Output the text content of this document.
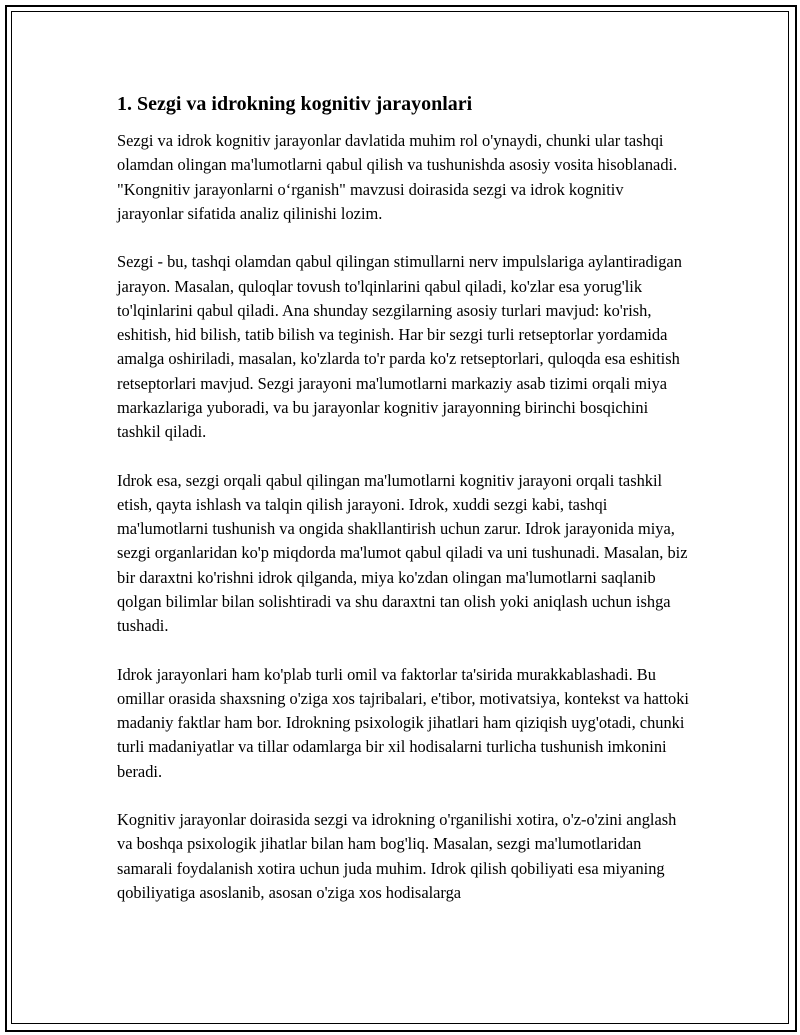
1. Sezgi va idrokning kognitiv jarayonlari

Sezgi va idrok kognitiv jarayonlar davlatida muhim rol o'ynaydi, chunki ular tashqi olamdan olingan ma'lumotlarni qabul qilish va tushunishda asosiy vosita hisoblanadi. "Kongnitiv jarayonlarni o‘rganish" mavzusi doirasida sezgi va idrok kognitiv jarayonlar sifatida analiz qilinishi lozim.

Sezgi - bu, tashqi olamdan qabul qilingan stimullarni nerv impulslariga aylantiradigan jarayon. Masalan, quloqlar tovush to'lqinlarini qabul qiladi, ko'zlar esa yorug'lik to'lqinlarini qabul qiladi. Ana shunday sezgilarning asosiy turlari mavjud: ko'rish, eshitish, hid bilish, tatib bilish va teginish. Har bir sezgi turli retseptorlar yordamida amalga oshiriladi, masalan, ko'zlarda to'r parda ko'z retseptorlari, quloqda esa eshitish retseptorlari mavjud. Sezgi jarayoni ma'lumotlarni markaziy asab tizimi orqali miya markazlariga yuboradi, va bu jarayonlar kognitiv jarayonning birinchi bosqichini tashkil qiladi.

Idrok esa, sezgi orqali qabul qilingan ma'lumotlarni kognitiv jarayoni orqali tashkil etish, qayta ishlash va talqin qilish jarayoni. Idrok, xuddi sezgi kabi, tashqi ma'lumotlarni tushunish va ongida shakllantirish uchun zarur. Idrok jarayonida miya, sezgi organlaridan ko'p miqdorda ma'lumot qabul qiladi va uni tushunadi. Masalan, biz bir daraxtni ko'rishni idrok qilganda, miya ko'zdan olingan ma'lumotlarni saqlanib qolgan bilimlar bilan solishtiradi va shu daraxtni tan olish yoki aniqlash uchun ishga tushadi.

Idrok jarayonlari ham ko'plab turli omil va faktorlar ta'sirida murakkablashadi. Bu omillar orasida shaxsning o'ziga xos tajribalari, e'tibor, motivatsiya, kontekst va hattoki madaniy faktlar ham bor. Idrokning psixologik jihatlari ham qiziqish uyg'otadi, chunki turli madaniyatlar va tillar odamlarga bir xil hodisalarni turlicha tushunish imkonini beradi.

Kognitiv jarayonlar doirasida sezgi va idrokning o'rganilishi xotira, o'z-o'zini anglash va boshqa psixologik jihatlar bilan ham bog'liq. Masalan, sezgi ma'lumotlaridan samarali foydalanish xotira uchun juda muhim. Idrok qilish qobiliyati esa miyaning qobiliyatiga asoslanib, asosan o'ziga xos hodisalarga
